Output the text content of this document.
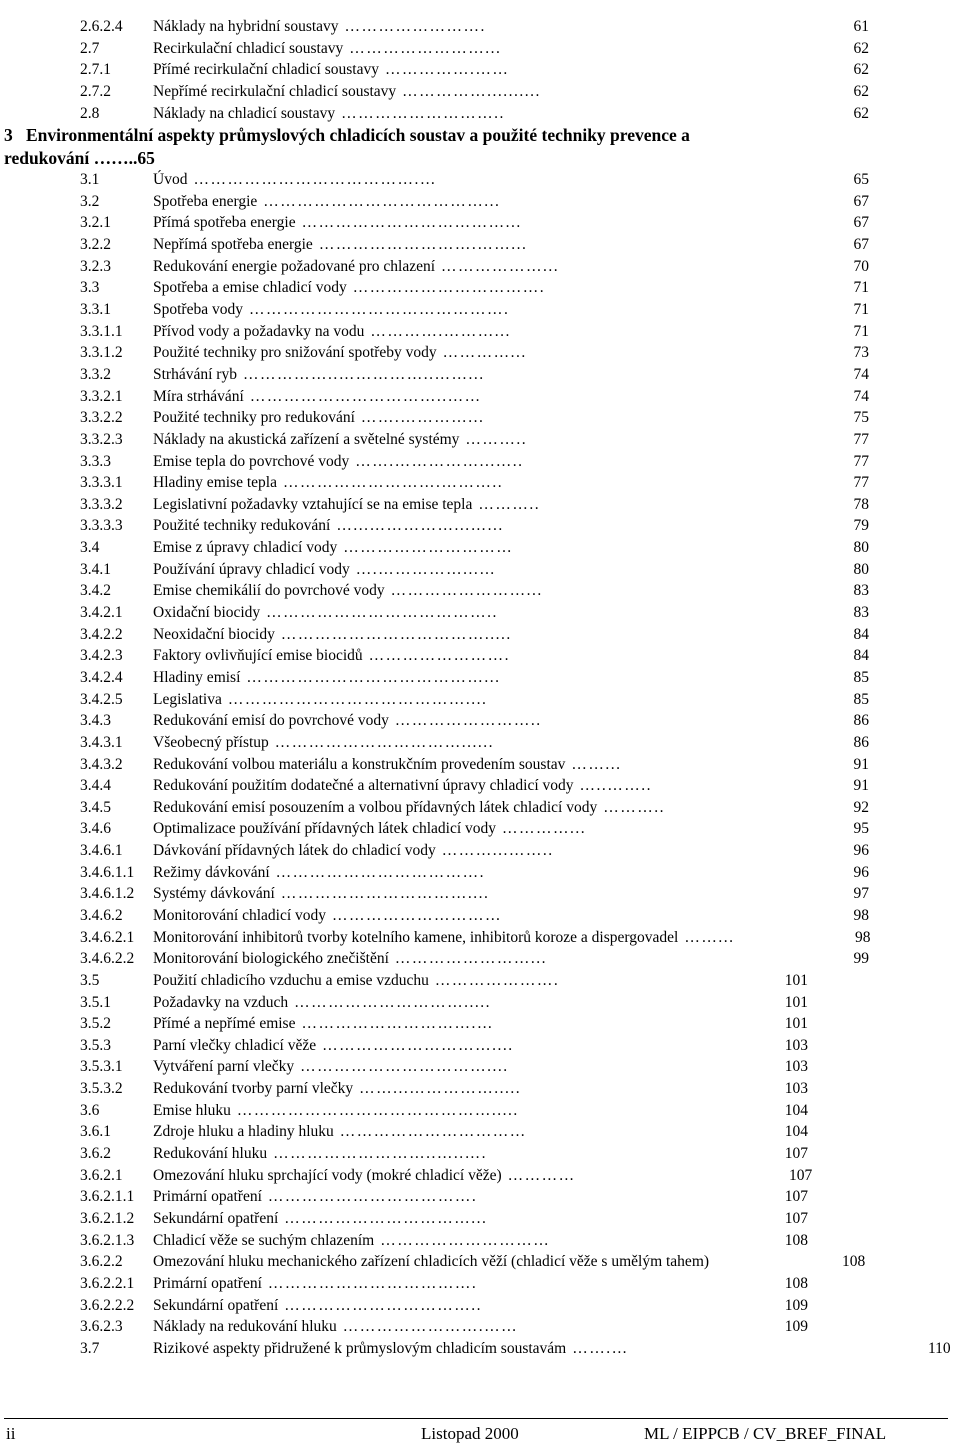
2.6.2.4 Náklady na hybridní soustavy …………………….	61
2.7	Recirkulační chladicí soustavy ……………………...	62
2.7.1	Přímé recirkulační chladicí soustavy …………….……	62
2.7.2	Nepřímé recirkulační chladicí soustavy ……………..........	62
2.8	Náklady na chladicí soustavy ………………………..	62
3 Environmentální aspekty průmyslových chladicích soustav a použité techniky prevence a
redukování ……..65
3.1	Úvod ………………………………….…	65
3.2	Spotřeba energie …………………………………...	67
3.2.1	Přímá spotřeba energie ………………………………...	67
3.2.2	Nepřímá spotřeba energie ……………………….……...	67
3.2.3	Redukování energie požadované pro chlazení ………………...	70
3.3	Spotřeba a emise chladicí vody …………………………….	71
3.3.1	Spotřeba vody ……………………………………….	71
3.3.1.1 Přívod vody a požadavky na vodu ………….………...	71
3.3.1.2 Použité techniky pro snižování spotřeby vody …………...	73
3.3.2	Strhávání ryb ……………..……………..……...	74
3.3.2.1 Míra strhávání ……………………………..……	74
3.3.2.2 Použité techniky pro redukování …….…………...	75
3.3.2.3 Náklady na akustická zařízení a světelné systémy ………..	77
3.3.3	Emise tepla do povrchové vody …….……………...…..	77
3.3.3.1 Hladiny emise tepla ……………………….………..	77
3.3.3.2 Legislativní požadavky vztahující se na emise tepla ………..	78
3.3.3.3 Použité techniky redukování …...……………...…...	79
3.4	Emise z úpravy chladicí vody …………………………	80
3.4.1	Používání úpravy chladicí vody ….……………...…	80
3.4.2	Emise chemikálií do povrchové vody ……………………...	83
3.4.2.1 Oxidační biocidy …………………………………..	83
3.4.2.2 Neoxidační biocidy ……………………………….....	84
3.4.2.3 Faktory ovlivňující emise biocidů …………………….	84
3.4.2.4 Hladiny emisí ……………………………………...	85
3.4.2.5 Legislativa ……………………………………....	85
3.4.3	Redukování emisí do povrchové vody ……………………..	86
3.4.3.1 Všeobecný přístup ……………………………......	86
3.4.3.2 Redukování volbou materiálu a konstrukčním provedením soustav ……...	91
3.4.4	Redukování použitím dodatečné a alternativní úpravy chladicí vody …..……..	91
3.4.5	Redukování emisí posouzením a volbou přídavných látek chladicí vody ………..	92
3.4.6	Optimalizace používání přídavných látek chladicí vody …………...	95
3.4.6.1 Dávkování přídavných látek do chladicí vody ………...……..	96
3.4.6.1.1 Režimy dávkování ……………………………….	96
3.4.6.1.2 Systémy dávkování ……………………………....	97
3.4.6.2 Monitorování chladicí vody …………………………	98
3.4.6.2.1 Monitorování inhibitorů tvorby kotelního kamene, inhibitorů koroze a dispergovadel ……...	98
3.4.6.2.2 Monitorování biologického znečištění ……………………...	99
3.5	Použití chladicího vzduchu a emise vzduchu ………………….	101
3.5.1	Požadavky na vzduch ………………………….....	101
3.5.2	Přímé a nepřímé emise ………………………….…	101
3.5.3	Parní vlečky chladicí věže …………………………....	103
3.5.3.1 Vytváření parní vlečky ……………………………....	103
3.5.3.2 Redukování tvorby parní vlečky ……...…………….....	103
3.6	Emise hluku ……………………………………….....	104
3.6.1	Zdroje hluku a hladiny hluku ……………………………	104
3.6.2	Redukování hluku ………………………..…..….	107
3.6.2.1 Omezování hluku sprchající vody (mokré chladicí věže) …………	107
3.6.2.1.1 Primární opatření ……………………………….	107
3.6.2.1.2 Sekundární opatření ……………………………...	107
3.6.2.1.3 Chladicí věže se suchým chlazením …………………………	108
3.6.2.2 Omezování hluku mechanického zařízení chladicích věží (chladicí věže s umělým tahem)	108
3.6.2.2.1 Primární opatření ……………………………….	108
3.6.2.2.2 Sekundární opatření ……………………………..	109
3.6.2.3 Náklady na redukování hluku …………………….……	109
3.7	Rizikové aspekty přidružené k průmyslovým chladicím soustavám …….…	110
ii	Listopad 2000	ML / EIPPCB / CV_BREF_FINAL
